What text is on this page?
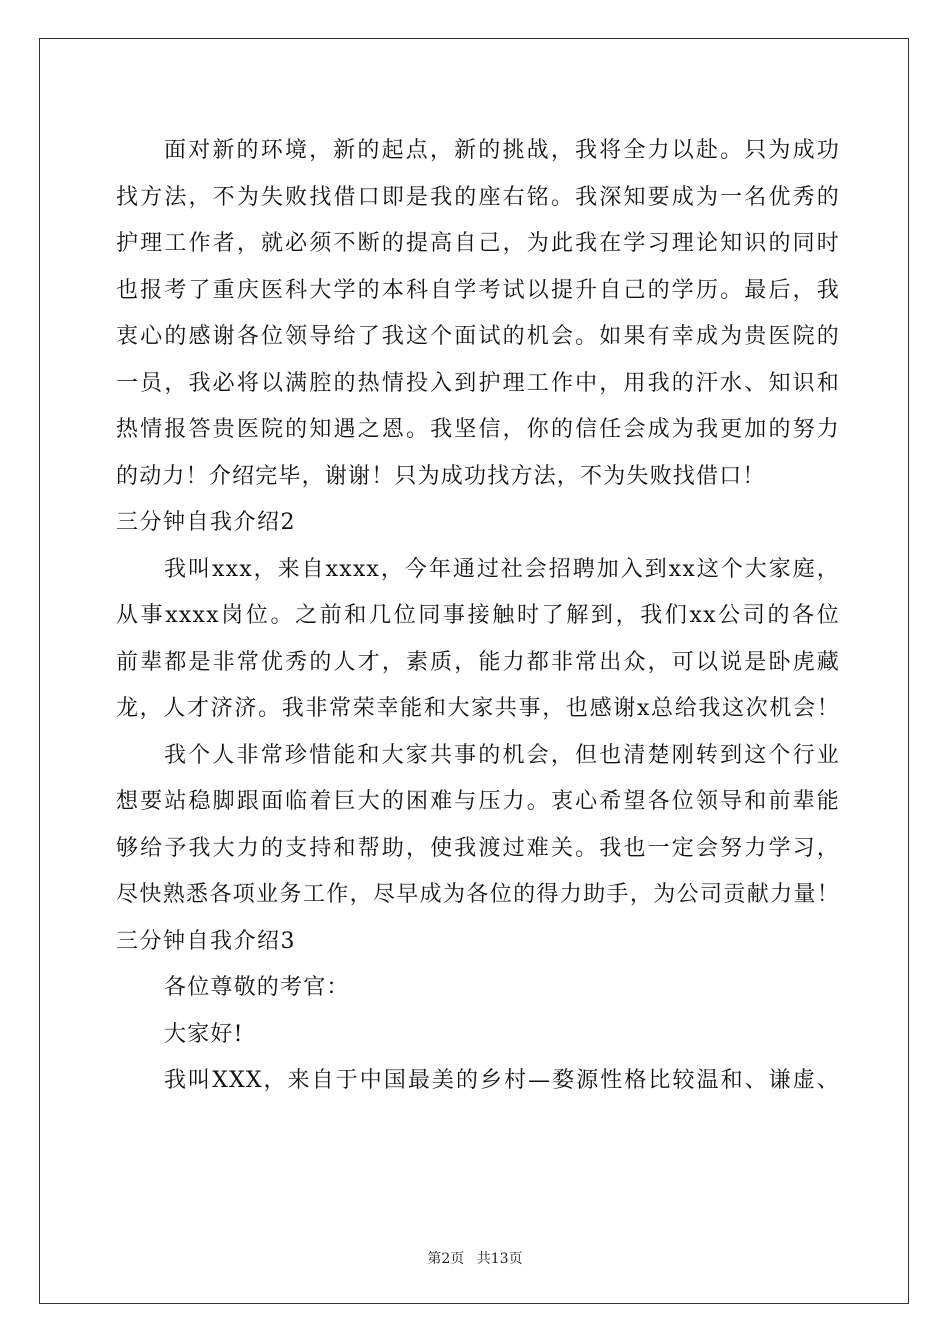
面对新的环境，新的起点，新的挑战，我将全力以赴。只为成功
找方法，不为失败找借口即是我的座右铭。我深知要成为一名优秀的
护理工作者，就必须不断的提高自己，为此我在学习理论知识的同时
也报考了重庆医科大学的本科自学考试以提升自己的学历。最后，我
衷心的感谢各位领导给了我这个面试的机会。如果有幸成为贵医院的
一员，我必将以满腔的热情投入到护理工作中，用我的汗水、知识和
热情报答贵医院的知遇之恩。我坚信，你的信任会成为我更加的努力
的动力！介绍完毕，谢谢！只为成功找方法，不为失败找借口！
三分钟自我介绍2
我叫xxx，来自xxxx，今年通过社会招聘加入到xx这个大家庭，
从事xxxx岗位。之前和几位同事接触时了解到，我们xx公司的各位
前辈都是非常优秀的人才，素质，能力都非常出众，可以说是卧虎藏
龙，人才济济。我非常荣幸能和大家共事，也感谢x总给我这次机会！
我个人非常珍惜能和大家共事的机会，但也清楚刚转到这个行业
想要站稳脚跟面临着巨大的困难与压力。衷心希望各位领导和前辈能
够给予我大力的支持和帮助，使我渡过难关。我也一定会努力学习，
尽快熟悉各项业务工作，尽早成为各位的得力助手，为公司贡献力量！
三分钟自我介绍3
各位尊敬的考官：
大家好!
我叫XXX，来自于中国最美的乡村—婺源性格比较温和、谦虚、
第2页 共13页
